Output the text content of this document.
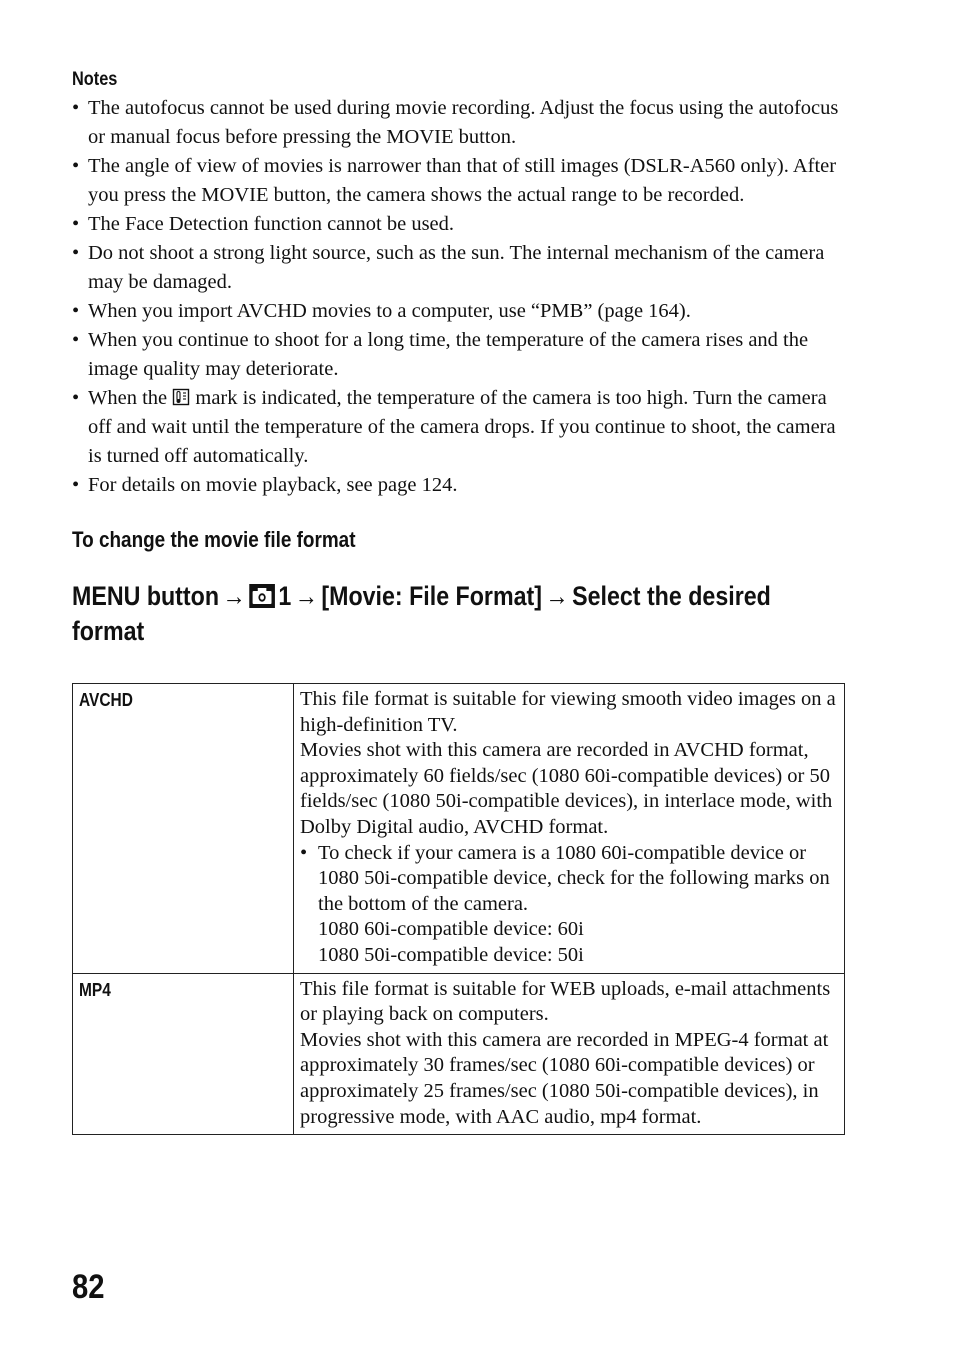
Notes
• The autofocus cannot be used during movie recording. Adjust the focus using the autofocus or manual focus before pressing the MOVIE button.
• The angle of view of movies is narrower than that of still images (DSLR-A560 only). After you press the MOVIE button, the camera shows the actual range to be recorded.
• The Face Detection function cannot be used.
• Do not shoot a strong light source, such as the sun. The internal mechanism of the camera may be damaged.
• When you import AVCHD movies to a computer, use “PMB” (page 164).
• When you continue to shoot for a long time, the temperature of the camera rises and the image quality may deteriorate.
• When the
mark is indicated, the temperature of the camera is too high. Turn the camera off and wait until the temperature of the camera drops. If you continue to shoot, the camera is turned off automatically.
• For details on movie playback, see page 124.
To change the movie file format
MENU button → 1 → [Movie: File Format] → Select the desired format
AVCHD	This file format is suitable for viewing smooth video images on a high-definition TV.

Movies shot with this camera are recorded in AVCHD format, approximately 60 fields/sec (1080 60i-compatible devices) or 50 fields/sec (1080 50i-compatible devices), in interlace mode, with Dolby Digital audio, AVCHD format.

• To check if your camera is a 1080 60i-compatible device or 1080 50i-compatible device, check for the following marks on the bottom of the camera.

1080 60i-compatible device: 60i

1080 50i-compatible device: 50i

MP4	This file format is suitable for WEB uploads, e-mail attachments or playing back on computers.

Movies shot with this camera are recorded in MPEG-4 format at approximately 30 frames/sec (1080 60i-compatible devices) or approximately 25 frames/sec (1080 50i-compatible devices), in progressive mode, with AAC audio, mp4 format.

82
